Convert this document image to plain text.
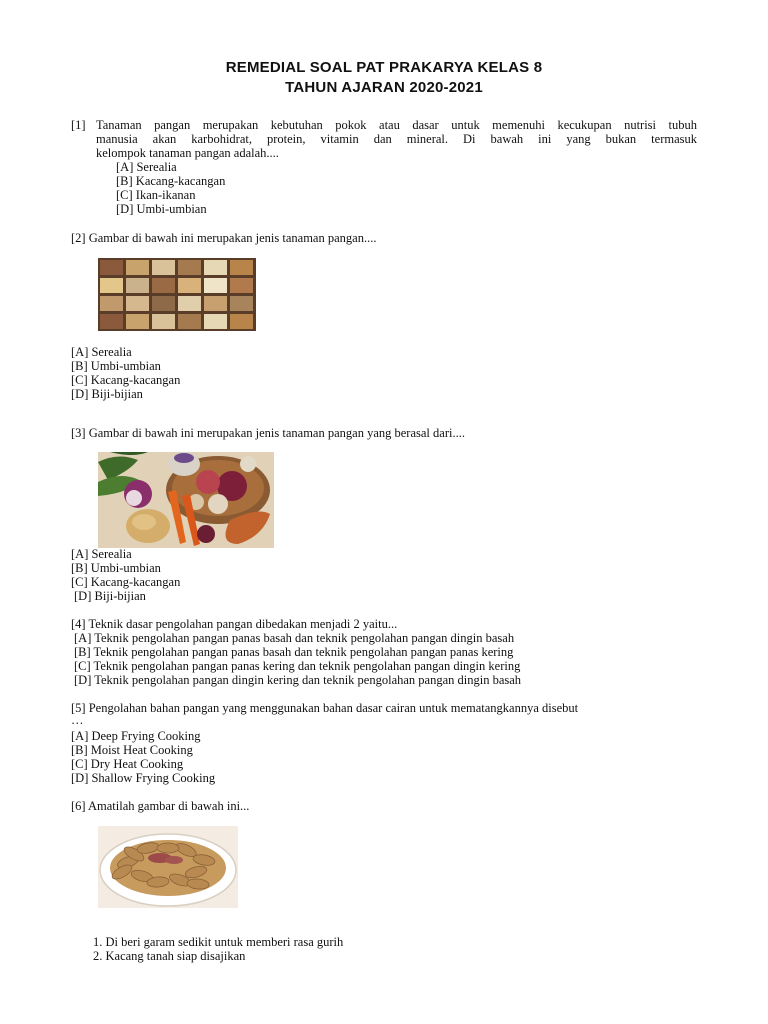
REMEDIAL SOAL PAT PRAKARYA KELAS 8
TAHUN AJARAN 2020-2021
[1] Tanaman pangan merupakan kebutuhan pokok atau dasar untuk memenuhi kecukupan nutrisi tubuh
manusia akan karbohidrat, protein, vitamin dan mineral. Di bawah ini yang bukan termasuk
kelompok tanaman pangan adalah....
[A] Serealia
[B] Kacang-kacangan
[C] Ikan-ikanan
[D] Umbi-umbian
[2] Gambar di bawah ini merupakan jenis tanaman pangan....
[A] Serealia
[B] Umbi-umbian
[C] Kacang-kacangan
[D] Biji-bijian
[3] Gambar di bawah ini merupakan jenis tanaman pangan yang berasal dari....
[A] Serealia
[B] Umbi-umbian
[C] Kacang-kacangan
[D] Biji-bijian
[4] Teknik dasar pengolahan pangan dibedakan menjadi 2 yaitu...
[A] Teknik pengolahan pangan panas basah dan teknik pengolahan pangan dingin basah
[B] Teknik pengolahan pangan panas basah dan teknik pengolahan pangan panas kering
[C] Teknik pengolahan pangan panas kering dan teknik pengolahan pangan dingin kering
[D] Teknik pengolahan pangan dingin kering dan teknik pengolahan pangan dingin basah
[5] Pengolahan bahan pangan yang menggunakan bahan dasar cairan untuk mematangkannya disebut
…
[A] Deep Frying Cooking
[B] Moist Heat Cooking
[C] Dry Heat Cooking
[D] Shallow Frying Cooking
[6] Amatilah gambar di bawah ini...
1. Di beri garam sedikit untuk memberi rasa gurih
2. Kacang tanah siap disajikan
